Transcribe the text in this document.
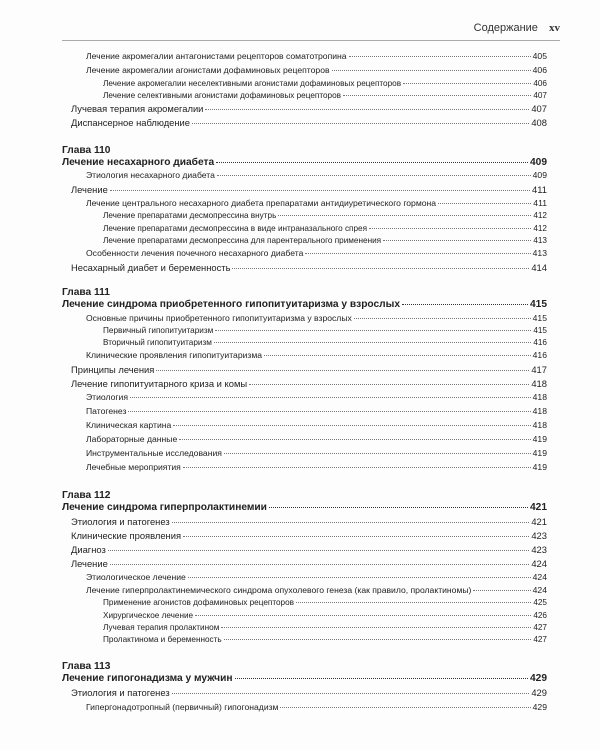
Содержание xv
Лечение акромегалии антагонистами рецепторов соматотропина	405
Лечение акромегалии агонистами дофаминовых рецепторов	406
Лечение акромегалии неселективными агонистами дофаминовых рецепторов	406
Лечение селективными агонистами дофаминовых рецепторов	407
Лучевая терапия акромегалии	407
Диспансерное наблюдение	408
Глава 110
Лечение несахарного диабета	409
Этиология несахарного диабета	409
Лечение	411
Лечение центрального несахарного диабета препаратами антидиуретического гормона	411
Лечение препаратами десмопрессина внутрь	412
Лечение препаратами десмопрессина в виде интраназального спрея	412
Лечение препаратами десмопрессина для парентерального применения	413
Особенности лечения почечного несахарного диабета	413
Несахарный диабет и беременность	414
Глава 111
Лечение синдрома приобретенного гипопитуитаризма у взрослых	415
Основные причины приобретенного гипопитуитаризма у взрослых	415
Первичный гипопитуитаризм	415
Вторичный гипопитуитаризм	416
Клинические проявления гипопитуитаризма	416
Принципы лечения	417
Лечение гипопитуитарного криза и комы	418
Этиология	418
Патогенез	418
Клиническая картина	418
Лабораторные данные	419
Инструментальные исследования	419
Лечебные мероприятия	419
Глава 112
Лечение синдрома гиперпролактинемии	421
Этиология и патогенез	421
Клинические проявления	423
Диагноз	423
Лечение	424
Этиологическое лечение	424
Лечение гиперпролактинемического синдрома опухолевого генеза (как правило, пролактиномы)	424
Применение агонистов дофаминовых рецепторов	425
Хирургическое лечение	426
Лучевая терапия пролактином	427
Пролактинома и беременность	427
Глава 113
Лечение гипогонадизма у мужчин	429
Этиология и патогенез	429
Гипергонадотропный (первичный) гипогонадизм	429
